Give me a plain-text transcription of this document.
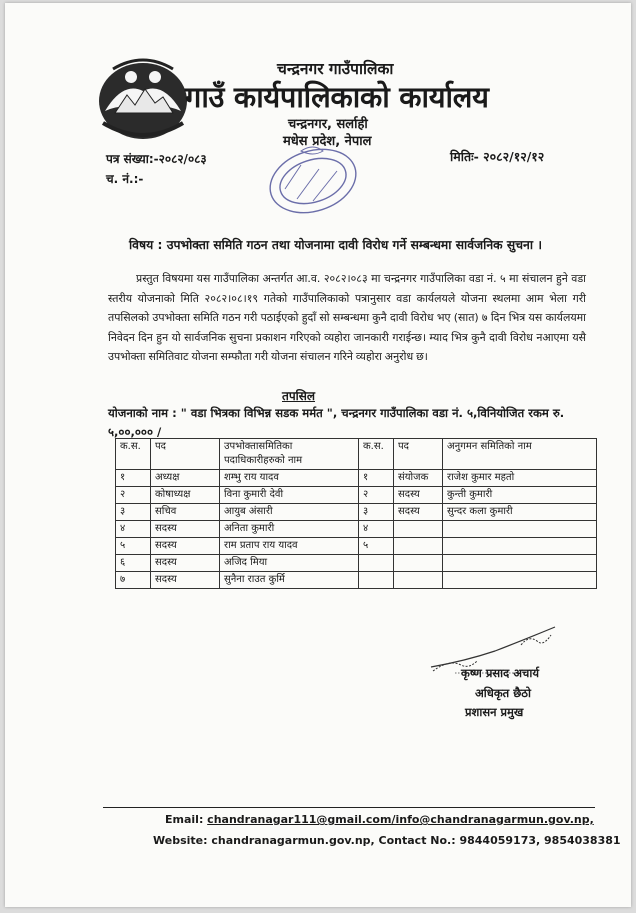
चन्द्रनगर गाउँपालिका
गाउँ कार्यपालिकाको कार्यालय
चन्द्रनगर, सर्लाही
मधेस प्रदेश, नेपाल
पत्र संख्या:-२०८२/०८३
च. नं.:-
मितिः- २०८२/१२/१२
विषय : उपभोक्ता समिति गठन तथा योजनामा दावी विरोध गर्ने सम्बन्धमा सार्वजनिक सुचना ।

प्रस्तुत विषयमा यस गाउँपालिका अन्तर्गत आ.व. २०८२।०८३ मा चन्द्रनगर गाउँपालिका वडा नं. ५ मा संचालन हुने वडा स्तरीय योजनाको मिति २०८२।०८।१९ गतेको गाउँपालिकाको पत्रानुसार वडा कार्यलयले योजना स्थलमा आम भेला गरी तपसिलको उपभोक्ता समिति गठन गरी पठाईएको हुदाँ सो सम्बन्धमा कुनै दावी विरोध भए (सात) ७ दिन भित्र यस कार्यलयमा निवेदन दिन हुन यो सार्वजनिक सुचना प्रकाशन गरिएको व्यहोरा जानकारी गराईन्छ। म्याद भित्र कुनै दावी विरोध नआएमा यसै उपभोक्ता समितिवाट योजना सम्फौता गरी योजना संचालन गरिने व्यहोरा अनुरोध छ।

तपसिल

योजनाको नाम : " वडा भित्रका विभिन्न सडक मर्मत ", चन्द्रनगर गाउँपालिका वडा नं. ५,विनियोजित रकम रु. ५,००,००० /

क.स.	पद	उपभोक्तासमितिका पदाधिकारीहरुको नाम	क.स.	पद	अनुगमन समितिको नाम
१	अध्यक्ष	शम्भु राय यादव	१	संयोजक	राजेश कुमार महतो
२	कोषाध्यक्ष	विना कुमारी देवी	२	सदस्य	कुन्ती कुमारी
३	सचिव	आयुब अंसारी	३	सदस्य	सुन्दर कला कुमारी
४	सदस्य	अनिता कुमारी	४		
५	सदस्य	राम प्रताप राय यादव	५		
६	सदस्य	अजिद मिया			
७	सदस्य	सुनैना राउत कुर्मि			
कृष्ण प्रसाद अचार्य
अधिकृत छैठो
प्रशासन प्रमुख
Email: chandranagar111@gmail.com/info@chandranagarmun.gov.np,
Website: chandranagarmun.gov.np, Contact No.: 9844059173, 9854038381
